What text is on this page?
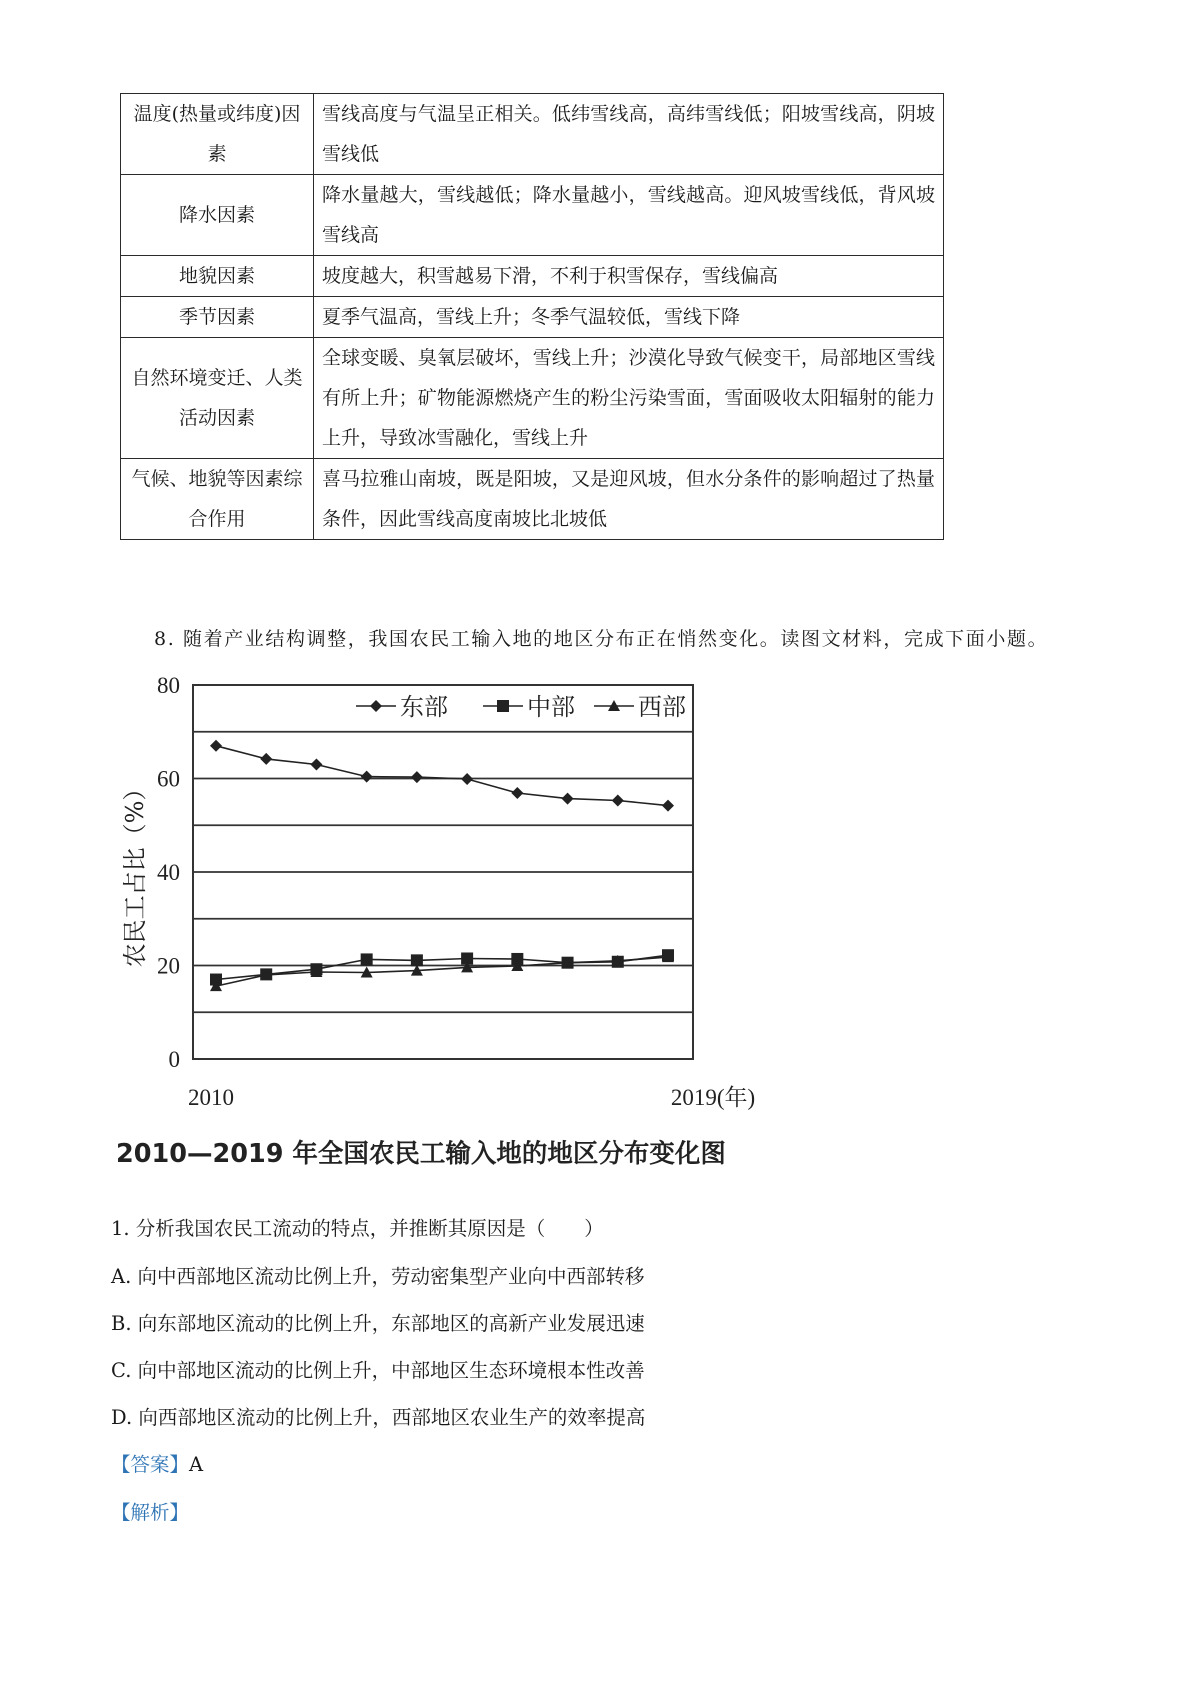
温度(热量或纬度)因素	雪线高度与气温呈正相关。低纬雪线高，高纬雪线低；阳坡雪线高，阴坡雪线低
降水因素	降水量越大，雪线越低；降水量越小，雪线越高。迎风坡雪线低，背风坡雪线高
地貌因素	坡度越大，积雪越易下滑，不利于积雪保存，雪线偏高
季节因素	夏季气温高，雪线上升；冬季气温较低，雪线下降
自然环境变迁、人类活动因素	全球变暖、臭氧层破坏，雪线上升；沙漠化导致气候变干，局部地区雪线有所上升；矿物能源燃烧产生的粉尘污染雪面，雪面吸收太阳辐射的能力上升，导致冰雪融化，雪线上升
气候、地貌等因素综合作用	喜马拉雅山南坡，既是阳坡，又是迎风坡，但水分条件的影响超过了热量条件，因此雪线高度南坡比北坡低
8. 随着产业结构调整，我国农民工输入地的地区分布正在悄然变化。读图文材料，完成下面小题。
0
20
40
60
80
东部	中部	西部
农民工占比（%）
2010	2019(年)
2010—2019 年全国农民工输入地的地区分布变化图
1. 分析我国农民工流动的特点，并推断其原因是（　　）
A. 向中西部地区流动比例上升，劳动密集型产业向中西部转移
B. 向东部地区流动的比例上升，东部地区的高新产业发展迅速
C. 向中部地区流动的比例上升，中部地区生态环境根本性改善
D. 向西部地区流动的比例上升，西部地区农业生产的效率提高
【答案】A
【解析】
